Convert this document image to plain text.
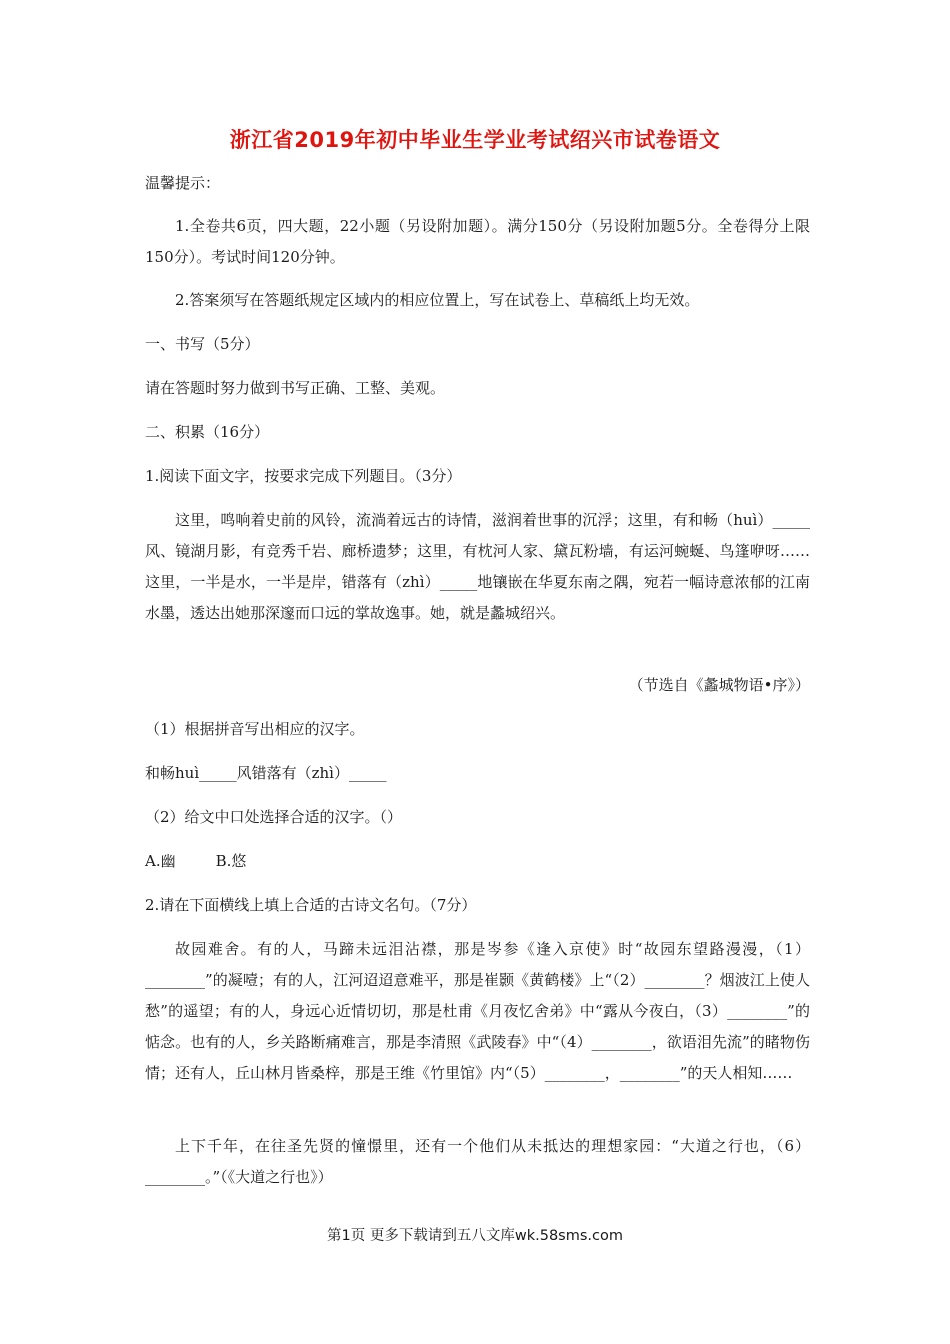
浙江省2019年初中毕业生学业考试绍兴市试卷语文
温馨提示：
1.全卷共6页，四大题，22小题（另设附加题）。满分150分（另设附加题5分。全卷得分上限150分）。考试时间120分钟。
2.答案须写在答题纸规定区域内的相应位置上，写在试卷上、草稿纸上均无效。
一、书写（5分）
请在答题时努力做到书写正确、工整、美观。
二、积累（16分）
1.阅读下面文字，按要求完成下列题目。（3分）
这里，鸣响着史前的风铃，流淌着远古的诗情，滋润着世事的沉浮；这里，有和畅（huì）_____风、镜湖月影，有竞秀千岩、廊桥遗梦；这里，有枕河人家、黛瓦粉墙，有运河蜿蜒、鸟篷咿呀……这里，一半是水，一半是岸，错落有（zhì）_____地镶嵌在华夏东南之隅，宛若一幅诗意浓郁的江南水墨，透达出她那深邃而口远的掌故逸事。她，就是蠡城绍兴。
（节选自《蠡城物语•序》）
（1）根据拼音写出相应的汉字。
和畅huì_____风错落有（zhì）_____
（2）给文中口处选择合适的汉字。（）
A.幽	B.悠
2.请在下面横线上填上合适的古诗文名句。（7分）
故园难舍。有的人，马蹄未远泪沾襟，那是岑参《逢入京使》时“故园东望路漫漫，（1）________”的凝噎；有的人，江河迢迢意难平，那是崔颢《黄鹤楼》上“（2）________？烟波江上使人愁”的遥望；有的人，身远心近情切切，那是杜甫《月夜忆舍弟》中“露从今夜白，（3）________”的惦念。也有的人，乡关路断痛难言，那是李清照《武陵春》中“（4）________，欲语泪先流”的睹物伤情；还有人，丘山林月皆桑梓，那是王维《竹里馆》内“（5）________，________”的天人相知……
上下千年，在往圣先贤的憧憬里，还有一个他们从未抵达的理想家园：“大道之行也，（6）________。”（《大道之行也》）
第1页 更多下载请到五八文库wk.58sms.com
